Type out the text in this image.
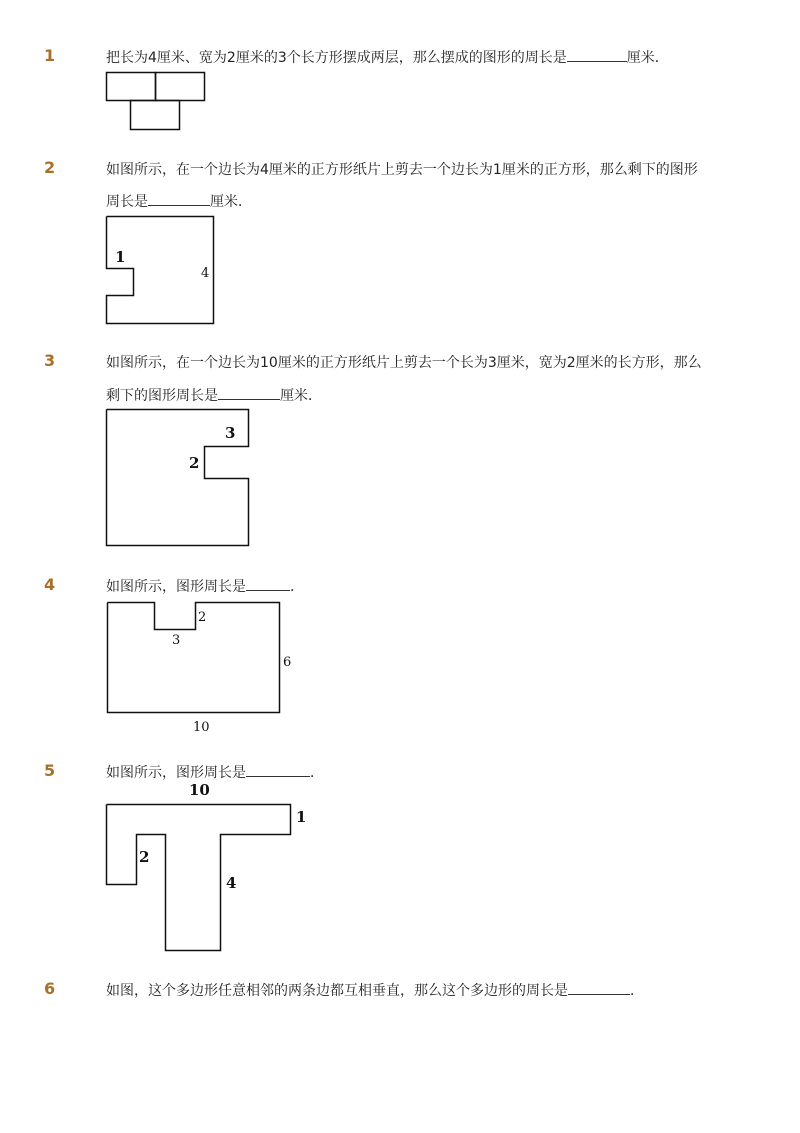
1	把长为4厘米、宽为2厘米的3个长方形摆成两层，那么摆成的图形的周长是	厘米．
2	如图所示，在一个边长为4厘米的正方形纸片上剪去一个边长为1厘米的正方形，那么剩下的图形
周长是	厘米．
1
4
3	如图所示，在一个边长为10厘米的正方形纸片上剪去一个长为3厘米，宽为2厘米的长方形，那么
剩下的图形周长是	厘米．
3
2
4	如图所示，图形周长是	．
2
3
6
10
5	如图所示，图形周长是	．
10
1
2
4
6	如图，这个多边形任意相邻的两条边都互相垂直，那么这个多边形的周长是	．
